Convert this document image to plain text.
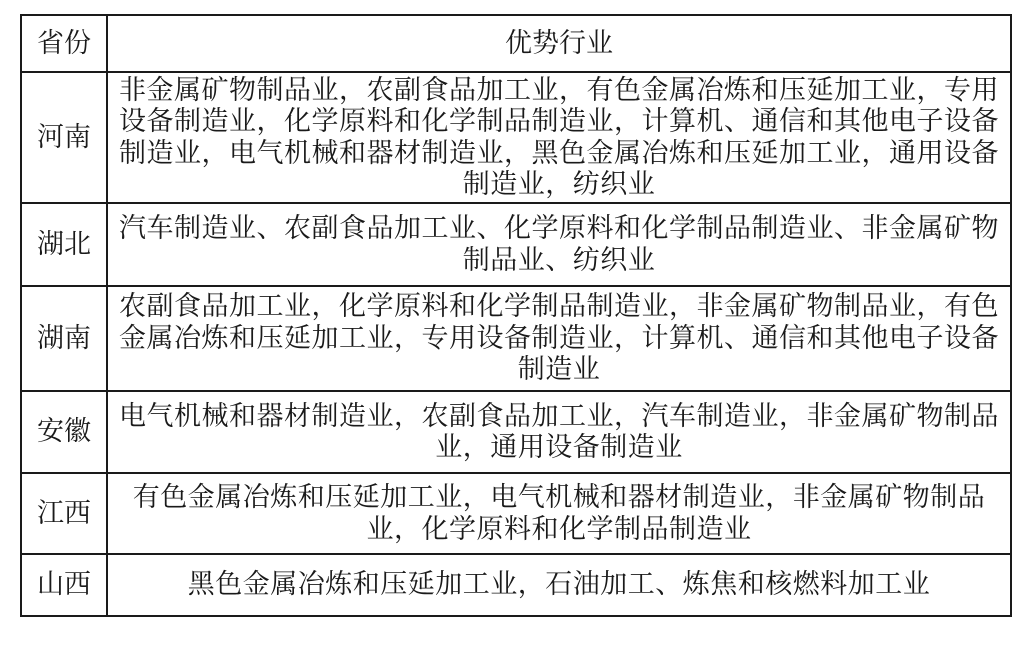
省份	优势行业
河南	非金属矿物制品业，农副食品加工业，有色金属冶炼和压延加工业，专用设备制造业，化学原料和化学制品制造业，计算机、通信和其他电子设备制造业，电气机械和器材制造业，黑色金属冶炼和压延加工业，通用设备制造业，纺织业
湖北	汽车制造业、农副食品加工业、化学原料和化学制品制造业、非金属矿物制品业、纺织业
湖南	农副食品加工业，化学原料和化学制品制造业，非金属矿物制品业，有色金属冶炼和压延加工业，专用设备制造业，计算机、通信和其他电子设备制造业
安徽	电气机械和器材制造业，农副食品加工业，汽车制造业，非金属矿物制品业，通用设备制造业
江西	有色金属冶炼和压延加工业，电气机械和器材制造业，非金属矿物制品业，化学原料和化学制品制造业
山西	黑色金属冶炼和压延加工业，石油加工、炼焦和核燃料加工业
